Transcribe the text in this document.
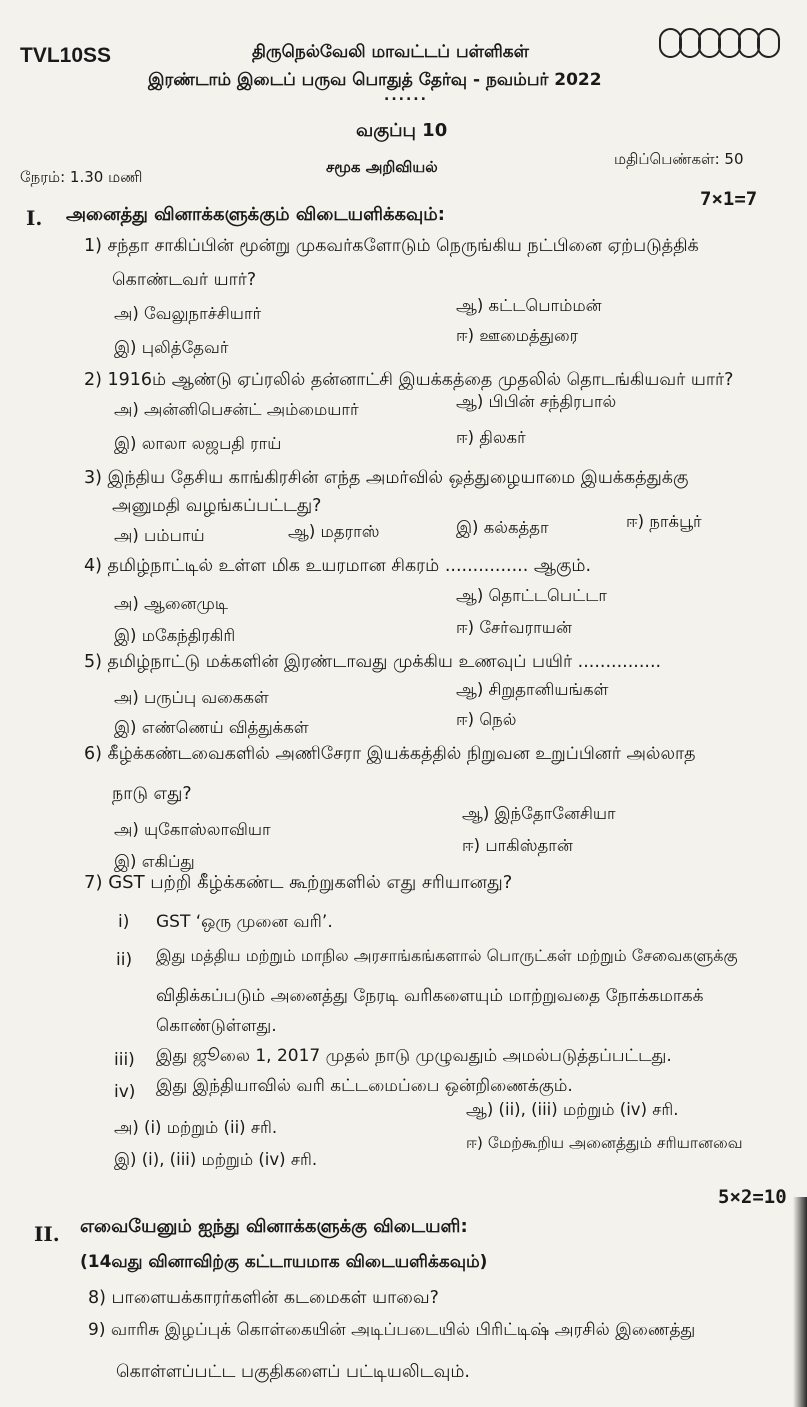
TVL10SS	திருநெல்வேலி மாவட்டப் பள்ளிகள்
இரண்டாம் இடைப் பருவ பொதுத் தேர்வு - நவம்பர் 2022
......
வகுப்பு 10
நேரம்: 1.30 மணி
சமூக அறிவியல்	மதிப்பெண்கள்: 50
I. அனைத்து வினாக்களுக்கும் விடையளிக்கவும்:
7×1=7
1) சந்தா சாகிப்பின் மூன்று முகவர்களோடும் நெருங்கிய நட்பினை ஏற்படுத்திக்
கொண்டவர் யார்?
அ) வேலுநாச்சியார்	ஆ) கட்டபொம்மன்
இ) புலித்தேவர்
ஈ) ஊமைத்துரை
2) 1916ம் ஆண்டு ஏப்ரலில் தன்னாட்சி இயக்கத்தை முதலில் தொடங்கியவர் யார்?
அ) அன்னிபெசன்ட் அம்மையார்	ஆ) பிபின் சந்திரபால்
இ) லாலா லஜபதி ராய்	ஈ) திலகர்
3) இந்திய தேசிய காங்கிரசின் எந்த அமர்வில் ஒத்துழையாமை இயக்கத்துக்கு
அனுமதி வழங்கப்பட்டது?
அ) பம்பாய்	ஆ) மதராஸ்	இ) கல்கத்தா	ஈ) நாக்பூர்
4) தமிழ்நாட்டில் உள்ள மிக உயரமான சிகரம் ............... ஆகும்.
அ) ஆனைமுடி	ஆ) தொட்டபெட்டா
இ) மகேந்திரகிரி	ஈ) சேர்வராயன்
5) தமிழ்நாட்டு மக்களின் இரண்டாவது முக்கிய உணவுப் பயிர் ...............
அ) பருப்பு வகைகள்	ஆ) சிறுதானியங்கள்
இ) எண்ணெய் வித்துக்கள்	ஈ) நெல்
6) கீழ்க்கண்டவைகளில் அணிசேரா இயக்கத்தில் நிறுவன உறுப்பினர் அல்லாத
நாடு எது?
அ) யுகோஸ்லாவியா
ஆ) இந்தோனேசியா
இ) எகிப்து
ஈ) பாகிஸ்தான்
7) GST பற்றி கீழ்க்கண்ட கூற்றுகளில் எது சரியானது?
i) GST ‘ஒரு முனை வரி’.
ii) இது மத்திய மற்றும் மாநில அரசாங்கங்களால் பொருட்கள் மற்றும் சேவைகளுக்கு
விதிக்கப்படும் அனைத்து நேரடி வரிகளையும் மாற்றுவதை நோக்கமாகக்
கொண்டுள்ளது.
iii) இது ஜூலை 1, 2017 முதல் நாடு முழுவதும் அமல்படுத்தப்பட்டது.
iv) இது இந்தியாவில் வரி கட்டமைப்பை ஒன்றிணைக்கும்.
அ) (i) மற்றும் (ii) சரி.
ஆ) (ii), (iii) மற்றும் (iv) சரி.
இ) (i), (iii) மற்றும் (iv) சரி.
ஈ) மேற்கூறிய அனைத்தும் சரியானவை
5×2=10
II. எவையேனும் ஐந்து வினாக்களுக்கு விடையளி:
(14வது வினாவிற்கு கட்டாயமாக விடையளிக்கவும்)
8) பாளையக்காரர்களின் கடமைகள் யாவை?
9) வாரிசு இழப்புக் கொள்கையின் அடிப்படையில் பிரிட்டிஷ் அரசில் இணைத்து
கொள்ளப்பட்ட பகுதிகளைப் பட்டியலிடவும்.
